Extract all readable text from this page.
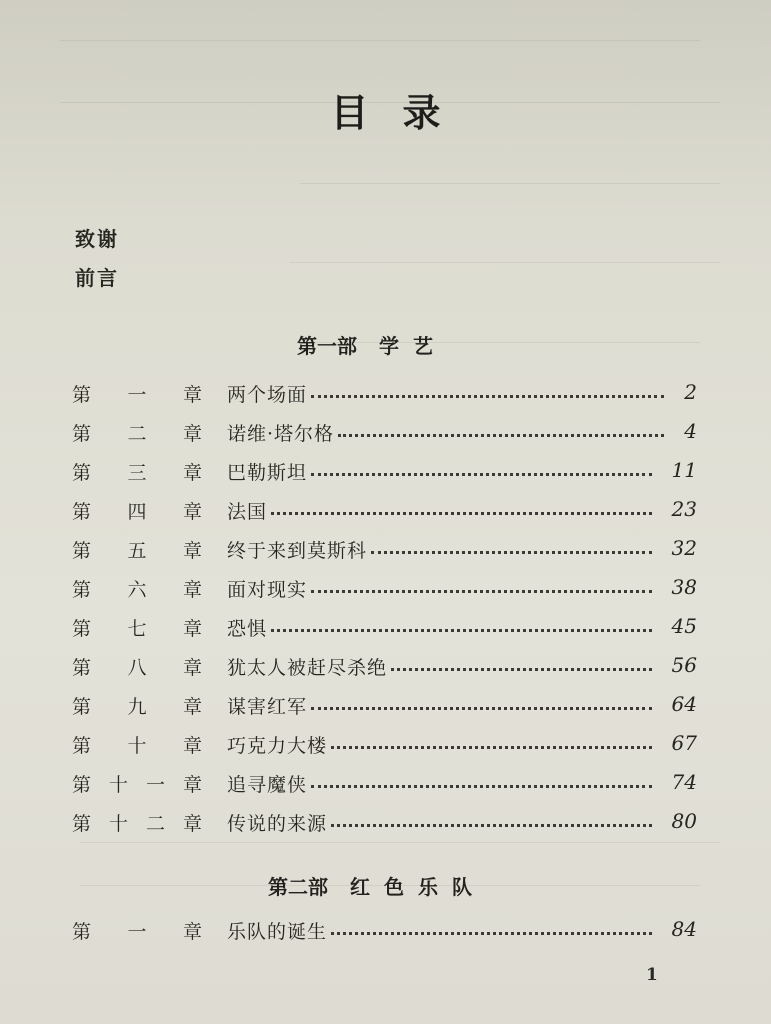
目录
1
致谢
前言
第一部 学艺
第 一 章 两个场面	2
第 二 章 诺维·塔尔格	4
第 三 章 巴勒斯坦	11
第 四 章 法国	23
第 五 章 终于来到莫斯科	32
第 六 章 面对现实	38
第 七 章 恐惧	45
第 八 章 犹太人被赶尽杀绝	56
第 九 章 谋害红军	64
第 十 章 巧克力大楼	67
第 十 一 章 追寻魔侠	74
第 十 二 章 传说的来源	80
第二部 红色乐队
第 一 章 乐队的诞生	84
